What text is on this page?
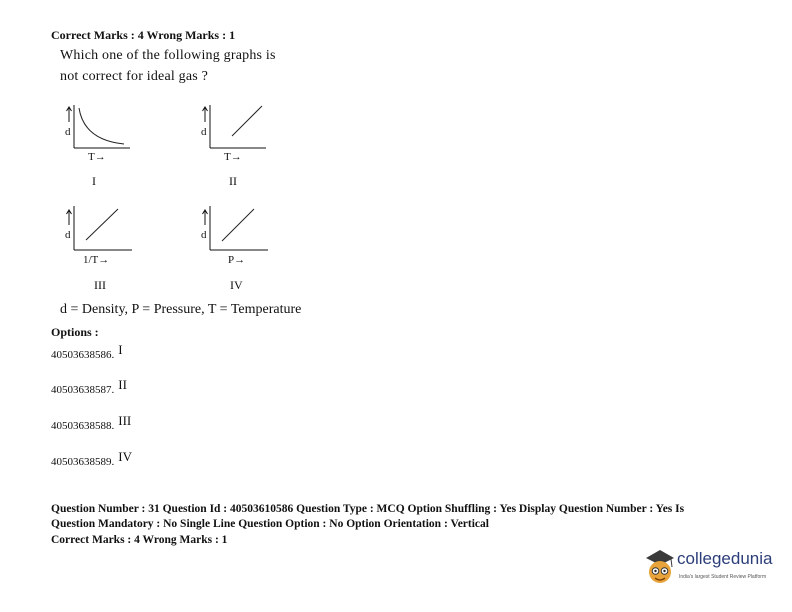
Correct Marks : 4 Wrong Marks : 1
Which one of the following graphs is
not correct for ideal gas ?
d
T→
I
d
T→
II
d
1/T→
III
d
P→
IV
d = Density, P = Pressure, T = Temperature
Options :
40503638586. I
40503638587. II
40503638588. III
40503638589. IV
Question Number : 31 Question Id : 40503610586 Question Type : MCQ Option Shuffling : Yes Display Question Number : Yes Is
Question Mandatory : No Single Line Question Option : No Option Orientation : Vertical
Correct Marks : 4 Wrong Marks : 1
collegedunia
India's largest Student Review Platform
